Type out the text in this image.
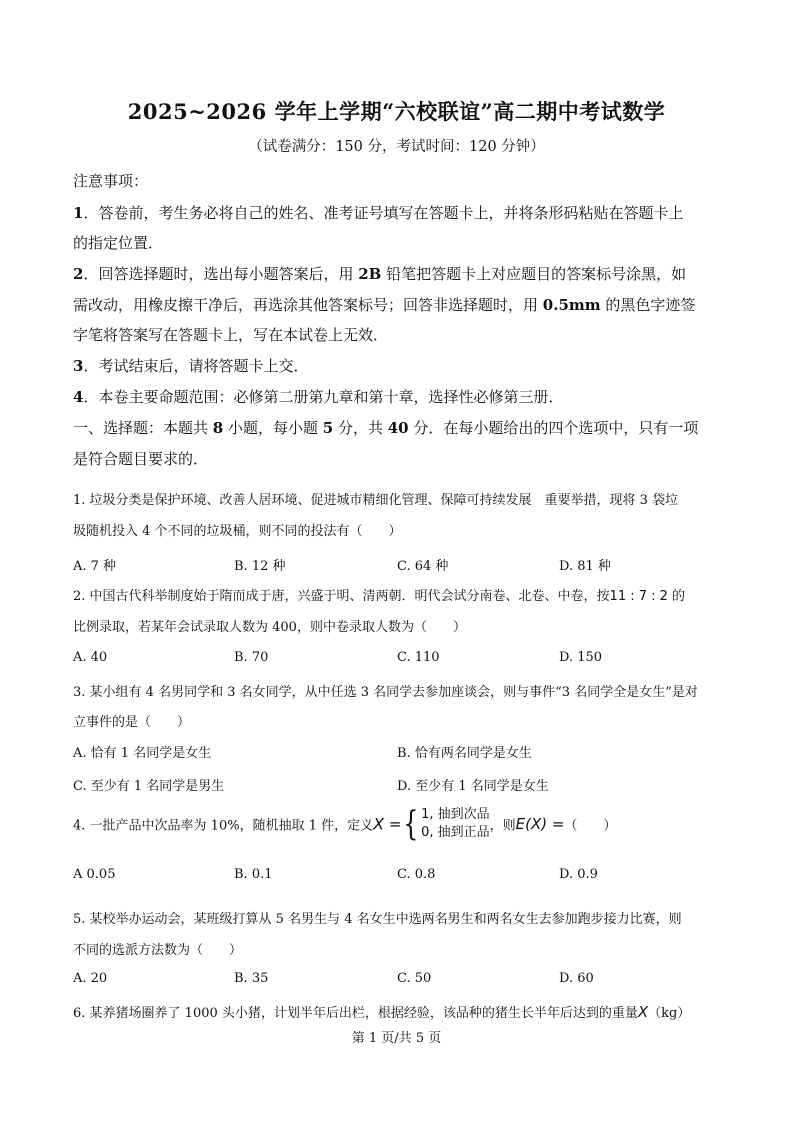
2025~2026 学年上学期“六校联谊”高二期中考试数学
（试卷满分：150 分，考试时间：120 分钟）
注意事项：
1．答卷前，考生务必将自己的姓名、准考证号填写在答题卡上，并将条形码粘贴在答题卡上
的指定位置．
2．回答选择题时，选出每小题答案后，用 2B 铅笔把答题卡上对应题目的答案标号涂黑，如
需改动，用橡皮擦干净后，再选涂其他答案标号；回答非选择题时，用 0.5mm 的黑色字迹签
字笔将答案写在答题卡上，写在本试卷上无效．
3．考试结束后，请将答题卡上交．
4．本卷主要命题范围：必修第二册第九章和第十章，选择性必修第三册．
一、选择题：本题共 8 小题，每小题 5 分，共 40 分．在每小题给出的四个选项中，只有一项
是符合题目要求的．
1. 垃圾分类是保护环境、改善人居环境、促进城市精细化管理、保障可持续发展　重要举措，现将 3 袋垃
圾随机投入 4 个不同的垃圾桶，则不同的投法有（　　）
A. 7 种	B. 12 种	C. 64 种	D. 81 种
2. 中国古代科举制度始于隋而成于唐，兴盛于明、清两朝．明代会试分南卷、北卷、中卷，按11 : 7 : 2 的
比例录取，若某年会试录取人数为 400，则中卷录取人数为（　　）
A. 40	B. 70	C. 110	D. 150
3. 某小组有 4 名男同学和 3 名女同学，从中任选 3 名同学去参加座谈会，则与事件“3 名同学全是女生”是对
立事件的是（　　）
A. 恰有 1 名同学是女生	B. 恰有两名同学是女生
C. 至少有 1 名同学是男生	D. 至少有 1 名同学是女生
4. 一批产品中次品率为 10%，随机抽取 1 件，定义X ={ 1, 抽到次品
0, 抽到正品 ，则E(X) =（　　）
A 0.05	B. 0.1	C. 0.8	D. 0.9
5. 某校举办运动会，某班级打算从 5 名男生与 4 名女生中选两名男生和两名女生去参加跑步接力比赛，则
不同的选派方法数为（　　）
A. 20	B. 35	C. 50	D. 60
6. 某养猪场圈养了 1000 头小猪，计划半年后出栏，根据经验，该品种的猪生长半年后达到的重量X（kg）
第 1 页/共 5 页
